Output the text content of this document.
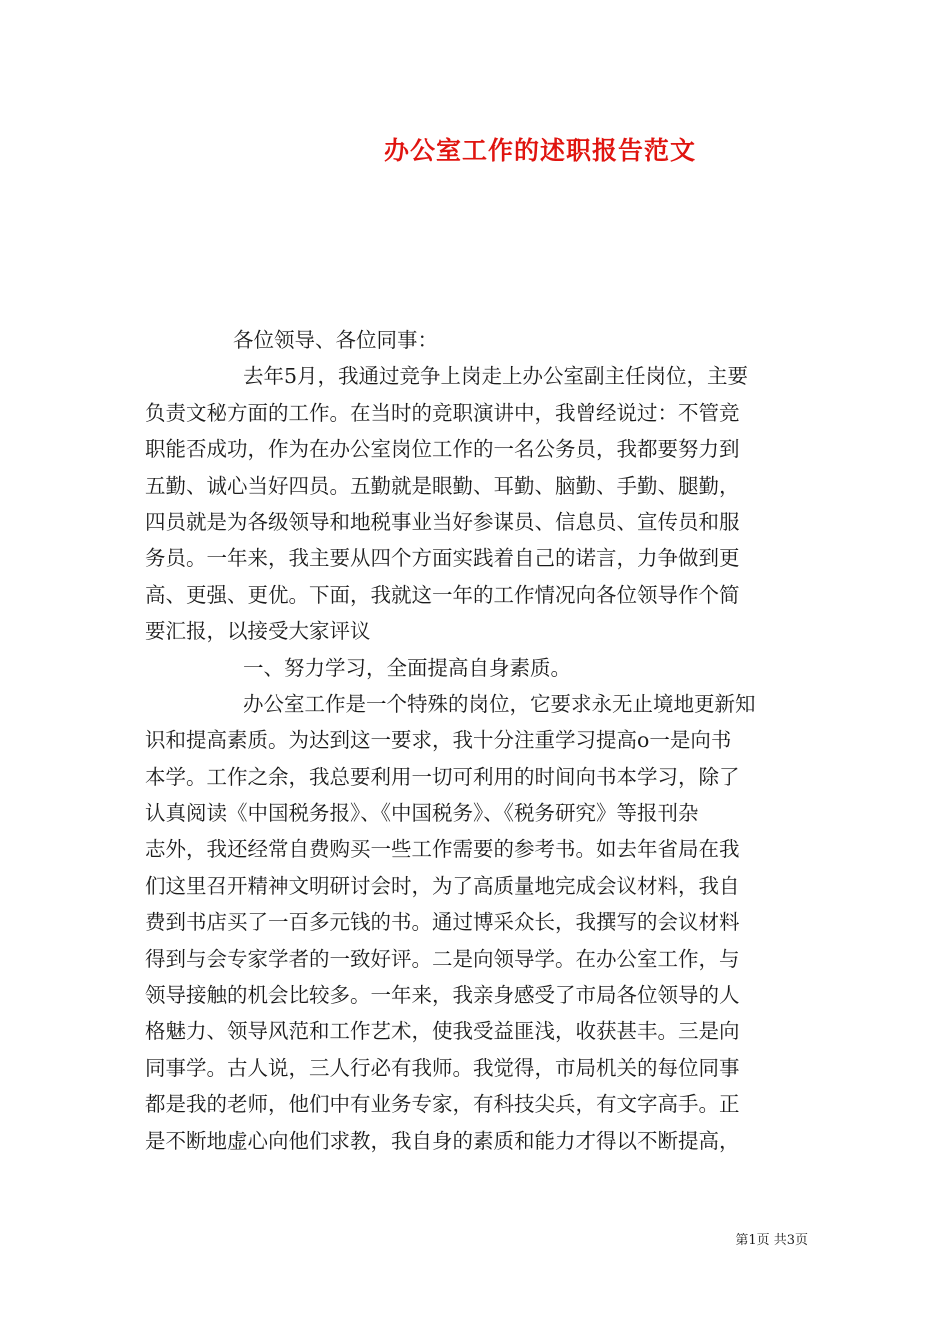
办公室工作的述职报告范文
各位领导、各位同事：
去年5月，我通过竞争上岗走上办公室副主任岗位，主要
负责文秘方面的工作。在当时的竞职演讲中，我曾经说过：不管竞
职能否成功，作为在办公室岗位工作的一名公务员，我都要努力到
五勤、诚心当好四员。五勤就是眼勤、耳勤、脑勤、手勤、腿勤，
四员就是为各级领导和地税事业当好参谋员、信息员、宣传员和服
务员。一年来，我主要从四个方面实践着自己的诺言，力争做到更
高、更强、更优。下面，我就这一年的工作情况向各位领导作个简
要汇报，以接受大家评议
一、努力学习，全面提高自身素质。
办公室工作是一个特殊的岗位，它要求永无止境地更新知
识和提高素质。为达到这一要求，我十分注重学习提高ο一是向书
本学。工作之余，我总要利用一切可利用的时间向书本学习，除了
认真阅读《中国税务报》、《中国税务》、《税务研究》等报刊杂
志外，我还经常自费购买一些工作需要的参考书。如去年省局在我
们这里召开精神文明研讨会时，为了高质量地完成会议材料，我自
费到书店买了一百多元钱的书。通过博采众长，我撰写的会议材料
得到与会专家学者的一致好评。二是向领导学。在办公室工作，与
领导接触的机会比较多。一年来，我亲身感受了市局各位领导的人
格魅力、领导风范和工作艺术，使我受益匪浅，收获甚丰。三是向
同事学。古人说，三人行必有我师。我觉得，市局机关的每位同事
都是我的老师，他们中有业务专家，有科技尖兵，有文字高手。正
是不断地虚心向他们求教，我自身的素质和能力才得以不断提高，
第1页 共3页
